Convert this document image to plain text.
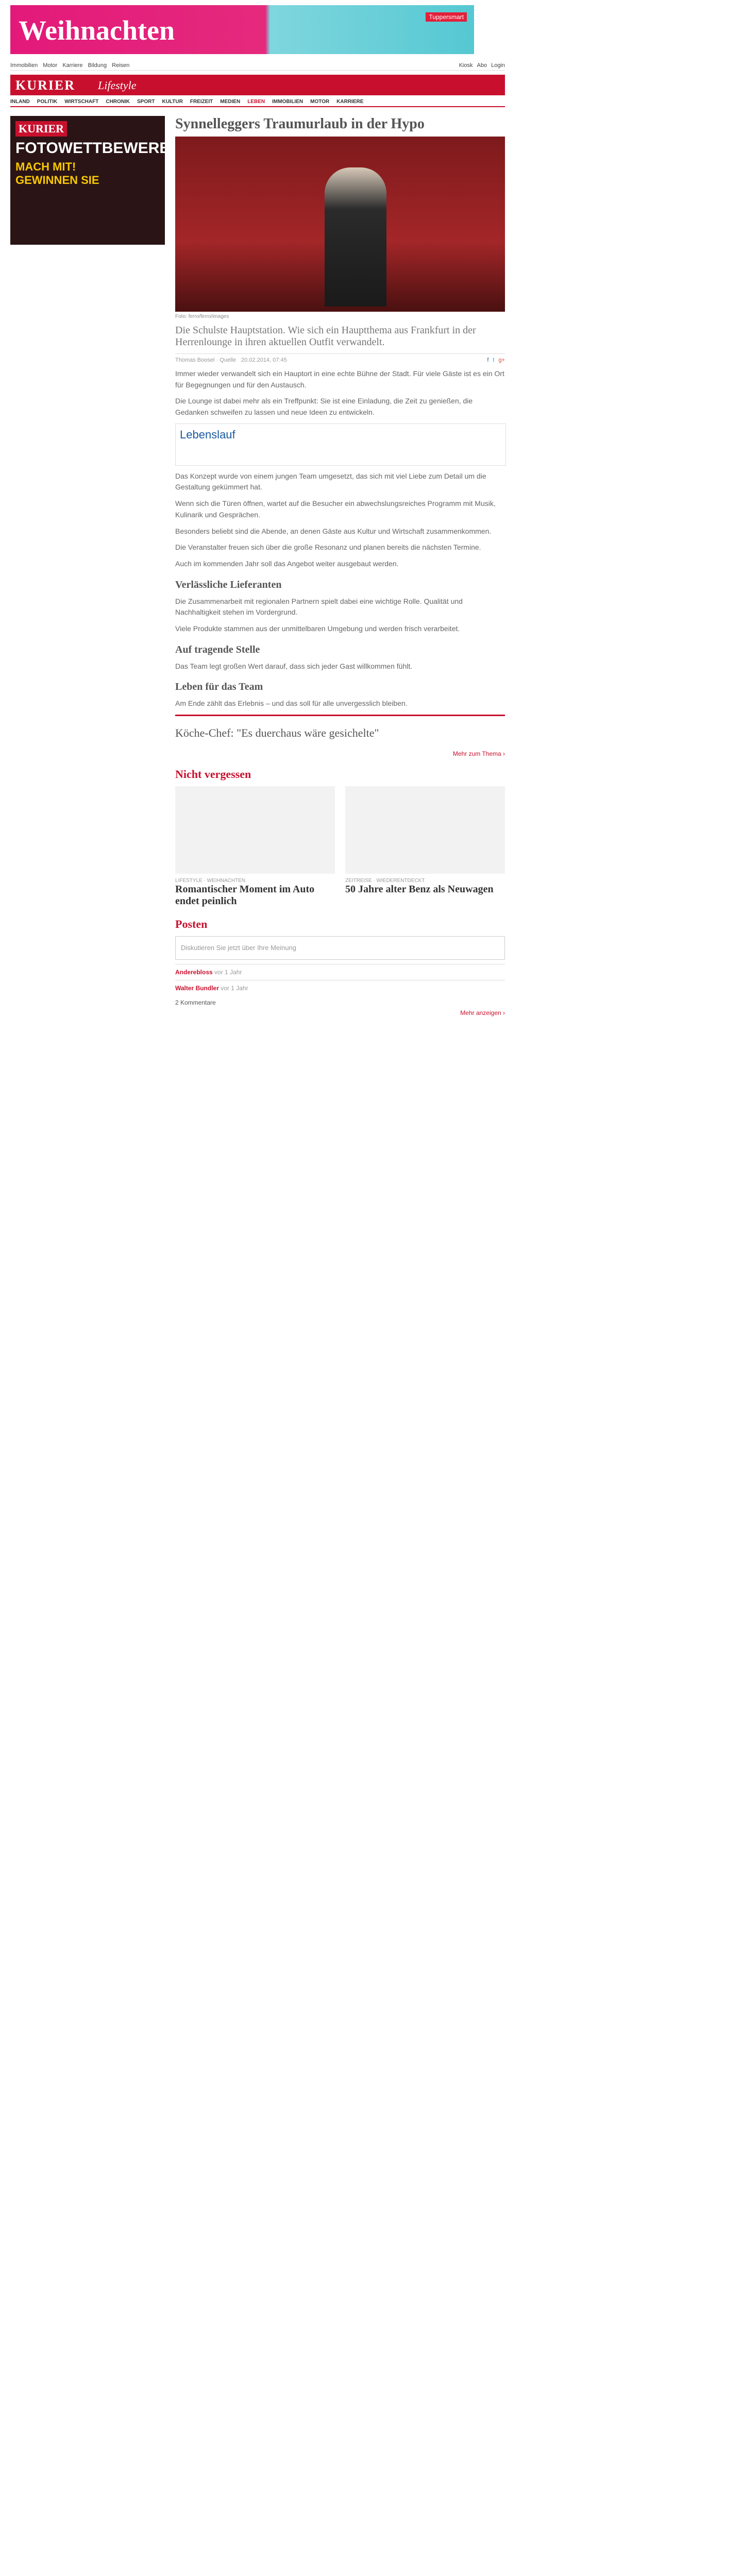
Weihnachten	Tuppersmart
Immobilien Motor Karriere Bildung Reisen	Kiosk Abo Login
KURIER Lifestyle
INLAND POLITIK WIRTSCHAFT CHRONIK SPORT KULTUR FREIZEIT MEDIEN LEBEN IMMOBILIEN MOTOR KARRIERE
KURIER
FOTOWETTBEWERB
MACH MIT!
GEWINNEN SIE
Synnelleggers Traumurlaub in der Hypo
Foto: ferro/ferro/images
Die Schulste Hauptstation. Wie sich ein Hauptthema aus Frankfurt in der Herrenlounge in ihren aktuellen Outfit verwandelt.
Thomas Boosel · Quelle 20.02.2014, 07:45	f t g+

Immer wieder verwandelt sich ein Hauptort in eine echte Bühne der Stadt. Für viele Gäste ist es ein Ort für Begegnungen und für den Austausch.

Die Lounge ist dabei mehr als ein Treffpunkt: Sie ist eine Einladung, die Zeit zu genießen, die Gedanken schweifen zu lassen und neue Ideen zu entwickeln.

Lebenslauf

Das Konzept wurde von einem jungen Team umgesetzt, das sich mit viel Liebe zum Detail um die Gestaltung gekümmert hat.

Wenn sich die Türen öffnen, wartet auf die Besucher ein abwechslungsreiches Programm mit Musik, Kulinarik und Gesprächen.

Besonders beliebt sind die Abende, an denen Gäste aus Kultur und Wirtschaft zusammenkommen.

Die Veranstalter freuen sich über die große Resonanz und planen bereits die nächsten Termine.

Auch im kommenden Jahr soll das Angebot weiter ausgebaut werden.

Verlässliche Lieferanten

Die Zusammenarbeit mit regionalen Partnern spielt dabei eine wichtige Rolle. Qualität und Nachhaltigkeit stehen im Vordergrund.

Viele Produkte stammen aus der unmittelbaren Umgebung und werden frisch verarbeitet.

Auf tragende Stelle

Das Team legt großen Wert darauf, dass sich jeder Gast willkommen fühlt.

Leben für das Team

Am Ende zählt das Erlebnis – und das soll für alle unvergesslich bleiben.

Köche-Chef: "Es duerchaus wäre gesichelte"
Mehr zum Thema ›
Nicht vergessen
LIFESTYLE · WEIHNACHTEN
Romantischer Moment im Auto endet peinlich
ZEITREISE · WIEDERENTDECKT
50 Jahre alter Benz als Neuwagen
Posten
Diskutieren Sie jetzt über Ihre Meinung
Anderebloss vor 1 Jahr
Walter Bundler vor 1 Jahr
2 Kommentare
Mehr anzeigen ›
